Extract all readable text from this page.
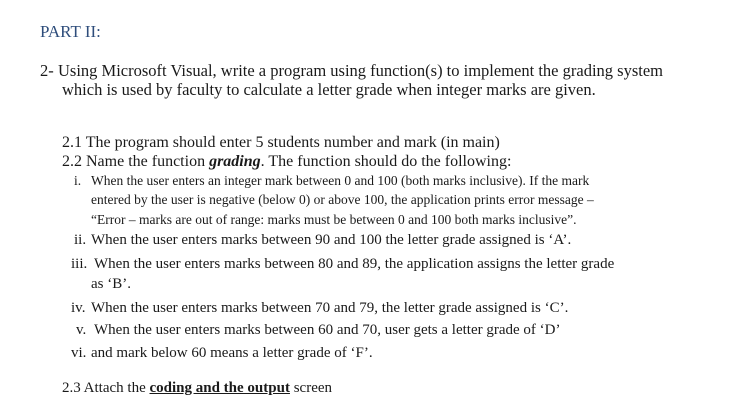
PART II:
2- Using Microsoft Visual, write a program using function(s) to implement the grading system
which is used by faculty to calculate a letter grade when integer marks are given.
2.1 The program should enter 5 students number and mark (in main)
2.2 Name the function grading. The function should do the following:
i. When the user enters an integer mark between 0 and 100 (both marks inclusive). If the mark
entered by the user is negative (below 0) or above 100, the application prints error message –
“Error – marks are out of range: marks must be between 0 and 100 both marks inclusive”.
ii. When the user enters marks between 90 and 100 the letter grade assigned is ‘A’.
iii. When the user enters marks between 80 and 89, the application assigns the letter grade
as ‘B’.
iv. When the user enters marks between 70 and 79, the letter grade assigned is ‘C’.
v. When the user enters marks between 60 and 70, user gets a letter grade of ‘D’
vi. and mark below 60 means a letter grade of ‘F’.
2.3 Attach the coding and the output screen
